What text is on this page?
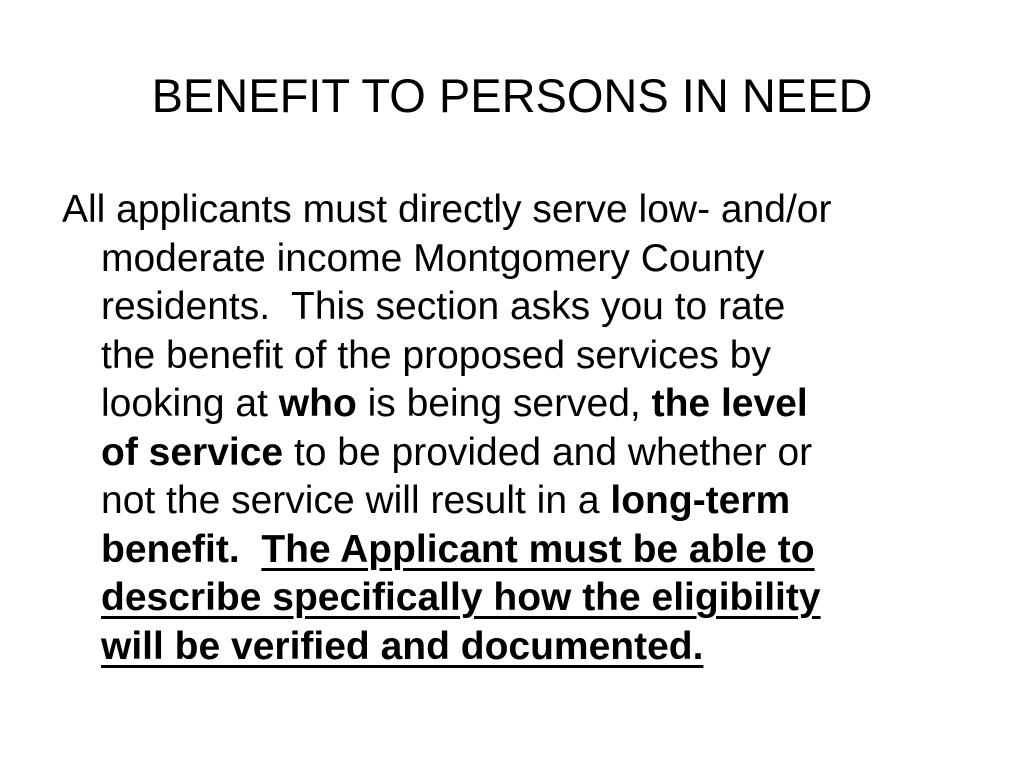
BENEFIT TO PERSONS IN NEED
All applicants must directly serve low- and/or
moderate income Montgomery County
residents.  This section asks you to rate
the benefit of the proposed services by
looking at who is being served, the level
of service to be provided and whether or
not the service will result in a long-term
benefit.  The Applicant must be able to
describe specifically how the eligibility
will be verified and documented.
